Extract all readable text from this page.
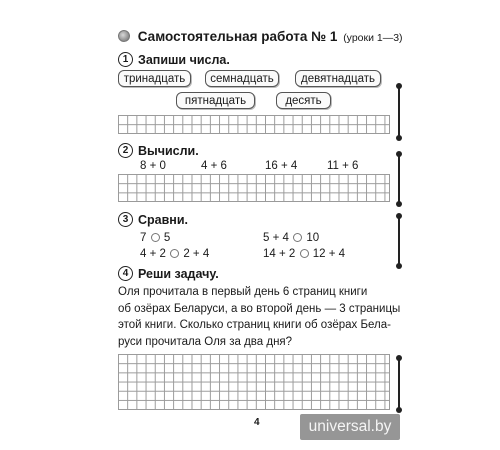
Самостоятельная работа № 1 (уроки 1—3)
1 Запиши числа.
тринадцать	семнадцать	девятнадцать
пятнадцать	десять
2 Вычисли.
8 + 0	4 + 6	16 + 4	11 + 6
3 Сравни.
7 5	5 + 4 10
4 + 2 2 + 4	14 + 2 12 + 4
4 Реши задачу.
Оля прочитала в первый день 6 страниц книги
об озёрах Беларуси, а во второй день — 3 страницы
этой книги. Сколько страниц книги об озёрах Бела-
руси прочитала Оля за два дня?
4	universal.by
